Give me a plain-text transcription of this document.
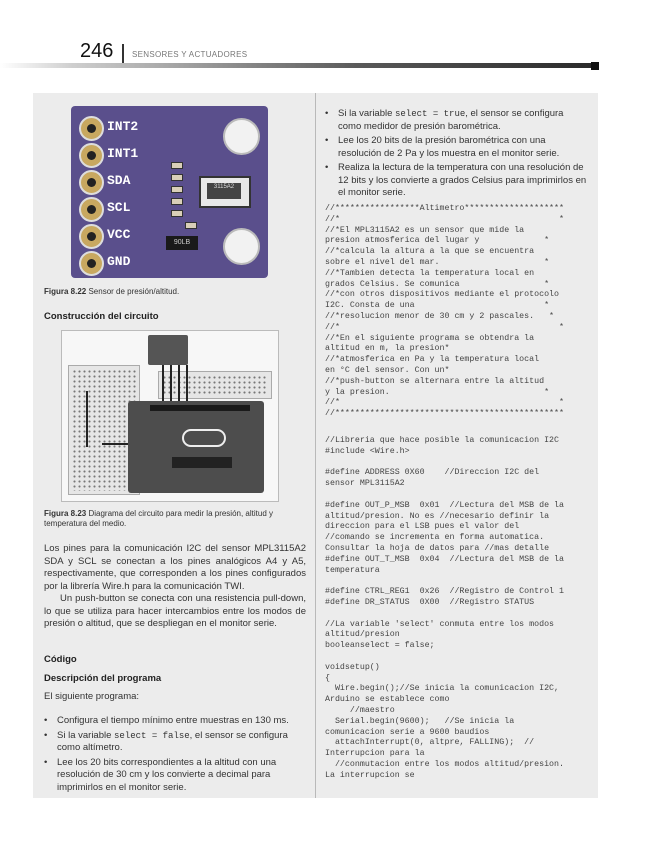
246 SENSORES Y ACTUADORES
INT2
INT1
SDA
SCL
VCC
GND
3115A2
90LB
Figura 8.22 Sensor de presión/altitud.
Construcción del circuito
Figura 8.23 Diagrama del circuito para medir la presión, altitud y temperatura del medio.
Los pines para la comunicación I2C del sensor MPL3115A2 SDA y SCL se conectan a los pines analógicos A4 y A5, respectivamente, que corresponden a los pines configurados por la librería Wire.h para la comunicación TWI.
Un push-button se conecta con una resistencia pull-down, lo que se utiliza para hacer intercambios entre los modos de presión o altitud, que se despliegan en el monitor serie.
Código
Descripción del programa
El siguiente programa:
• Configura el tiempo mínimo entre muestras en 130 ms.
• Si la variable select = false, el sensor se configura como altímetro.
• Lee los 20 bits correspondientes a la altitud con una resolución de 30 cm y los convierte a decimal para imprimirlos en el monitor serie.
• Si la variable select = true, el sensor se configura como medidor de presión barométrica.
• Lee los 20 bits de la presión barométrica con una resolución de 2 Pa y los muestra en el monitor serie.
• Realiza la lectura de la temperatura con una resolución de 12 bits y los convierte a grados Celsius para imprimirlos en el monitor serie.
//*****************Altimetro********************
//*                                            *
//*El MPL3115A2 es un sensor que mide la
presion atmosferica del lugar y             *
//*calcula la altura a la que se encuentra
sobre el nivel del mar.                     *
//*Tambien detecta la temperatura local en
grados Celsius. Se comunica                 *
//*con otros dispositivos mediante el protocolo
I2C. Consta de una                          *
//*resolucion menor de 30 cm y 2 pascales.   *
//*                                            *
//*En el siguiente programa se obtendra la
altitud en m, la presion*
//*atmosferica en Pa y la temperatura local
en °C del sensor. Con un*
//*push-button se alternara entre la altitud
y la presion.                               *
//*                                            *
//**********************************************
//Libreria que hace posible la comunicacion I2C
#include <Wire.h>

#define ADDRESS 0X60    //Direccion I2C del
sensor MPL3115A2

#define OUT_P_MSB  0x01  //Lectura del MSB de la
altitud/presion. No es //necesario definir la
direccion para el LSB pues el valor del
//comando se incrementa en forma automatica.
Consultar la hoja de datos para //mas detalle
#define OUT_T_MSB  0x04  //Lectura del MSB de la
temperatura

#define CTRL_REG1  0x26  //Registro de Control 1
#define DR_STATUS  0X00  //Registro STATUS

//La variable 'select' conmuta entre los modos
altitud/presion
booleanselect = false;

voidsetup()
{
Wire.begin();//Se inicia la comunicacion I2C,
Arduino se establece como
//maestro
Serial.begin(9600);   //Se inicia la
comunicacion serie a 9600 baudios
attachInterrupt(0, altpre, FALLING);  //
Interrupcion para la
//conmutacion entre los modos altitud/presion.
La interrupcion se
